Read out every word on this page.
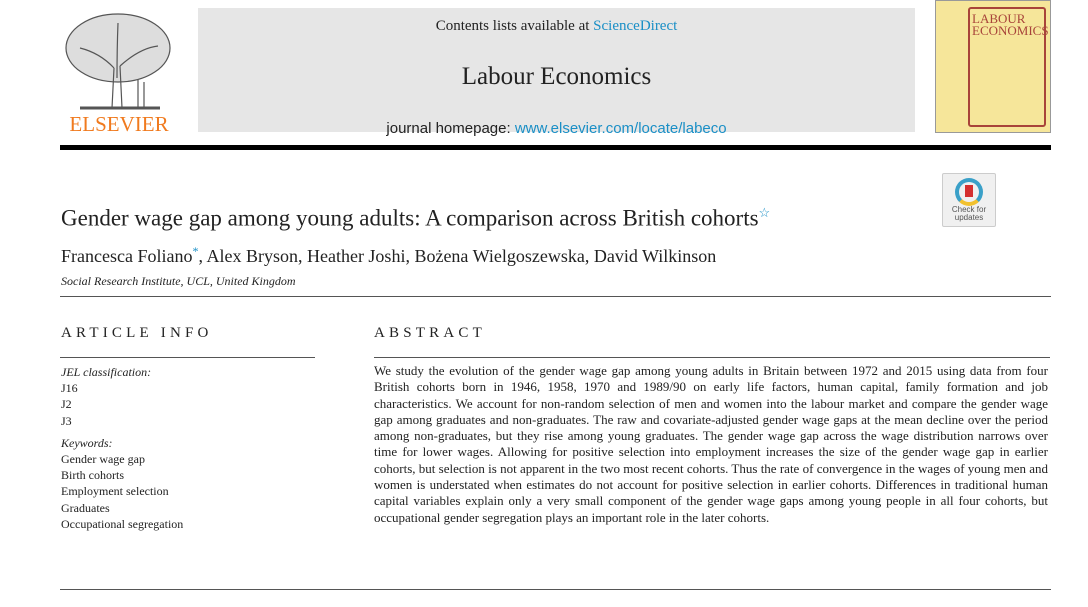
ELSEVIER
Contents lists available at ScienceDirect
Labour Economics
journal homepage: www.elsevier.com/locate/labeco
LABOUR ECONOMICS
Check for
updates
Gender wage gap among young adults: A comparison across British cohorts☆
Francesca Foliano*, Alex Bryson, Heather Joshi, Bożena Wielgoszewska, David Wilkinson
Social Research Institute, UCL, United Kingdom
ARTICLE INFO	ABSTRACT
JEL classification:
J16
J2
J3
Keywords:
Gender wage gap
Birth cohorts
Employment selection
Graduates
Occupational segregation
We study the evolution of the gender wage gap among young adults in Britain between 1972 and 2015 using data from four British cohorts born in 1946, 1958, 1970 and 1989/90 on early life factors, human capital, family formation and job characteristics. We account for non-random selection of men and women into the labour market and compare the gender wage gap among graduates and non-graduates. The raw and covariate-adjusted gender wage gaps at the mean decline over the period among non-graduates, but they rise among young graduates. The gender wage gap across the wage distribution narrows over time for lower wages. Allowing for positive selection into employment increases the size of the gender wage gap in earlier cohorts, but selection is not apparent in the two most recent cohorts. Thus the rate of convergence in the wages of young men and women is understated when estimates do not account for positive selection in earlier cohorts. Differences in traditional human capital variables explain only a very small component of the gender wage gaps among young people in all four cohorts, but occupational gender segregation plays an important role in the later cohorts.
